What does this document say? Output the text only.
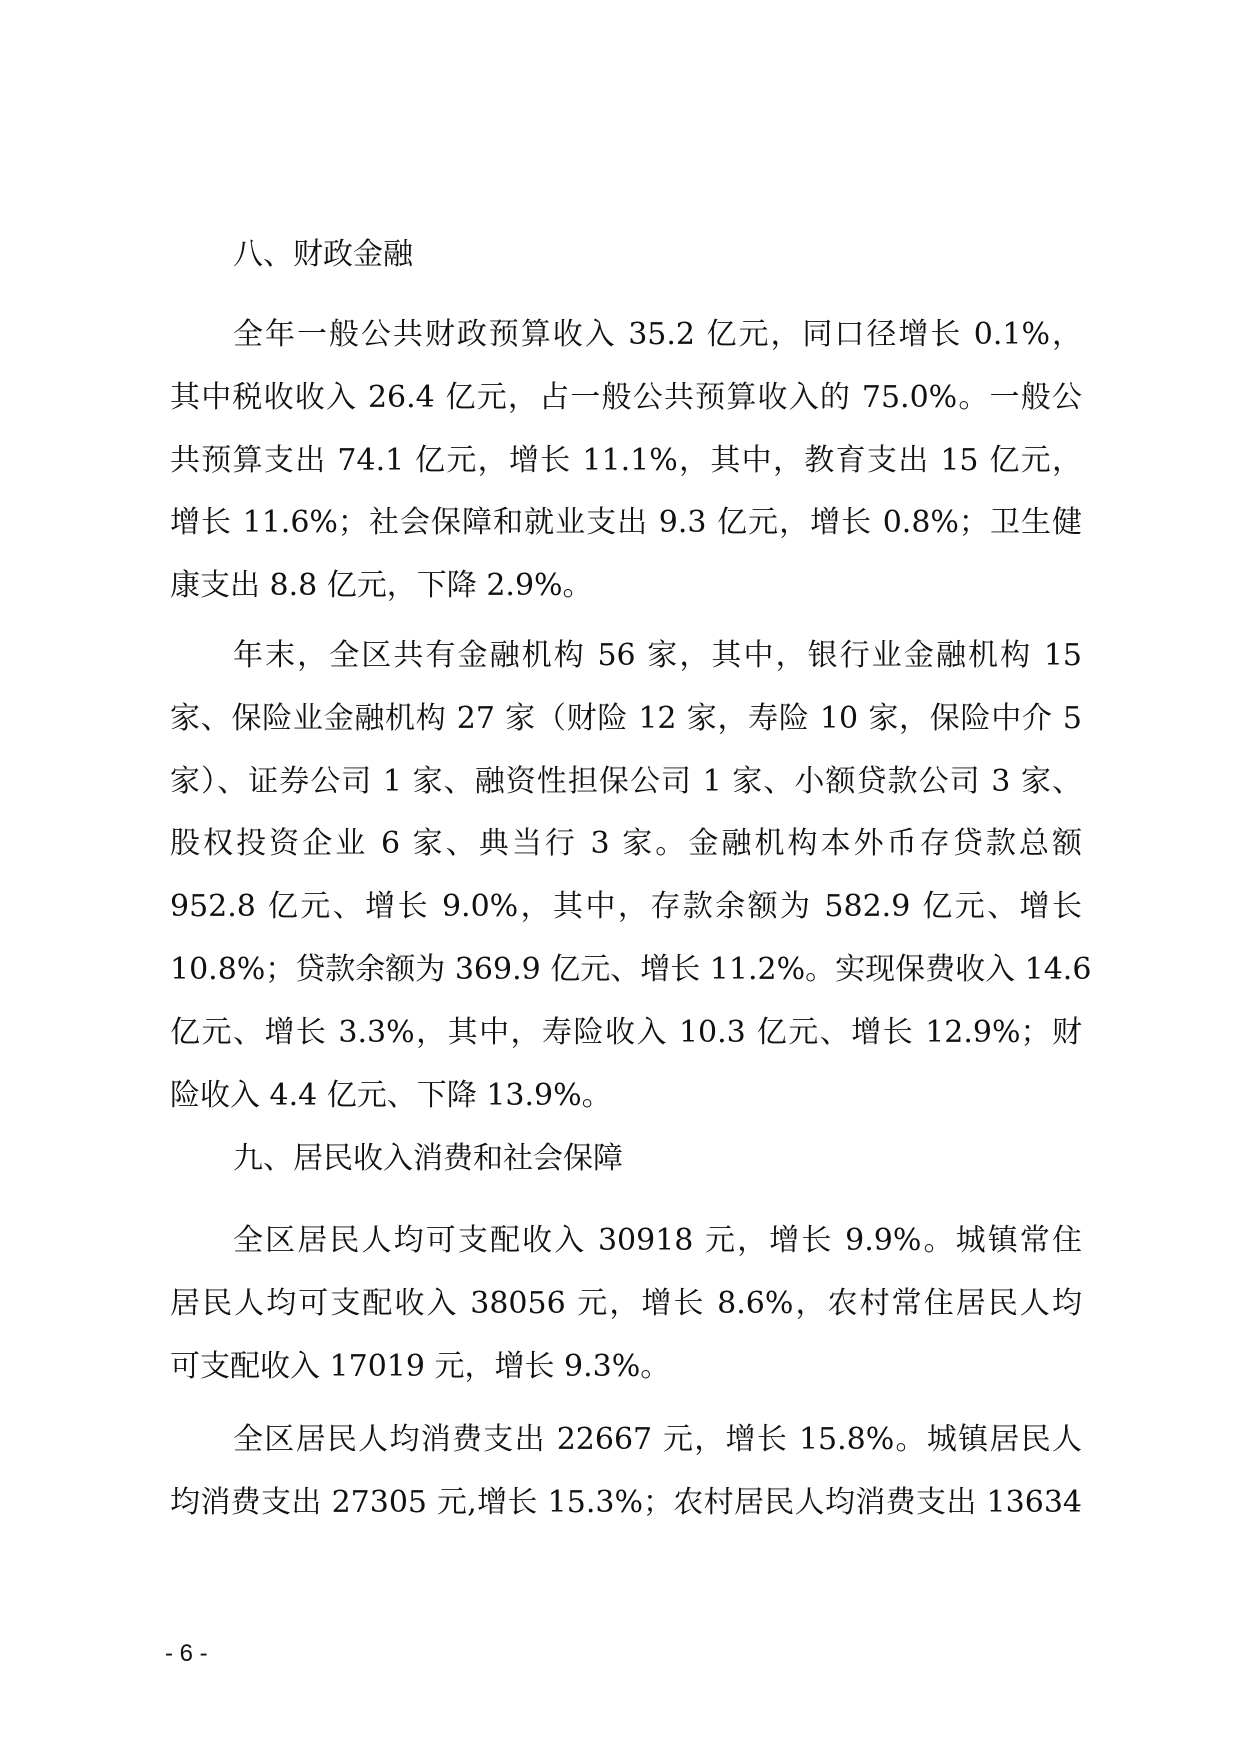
八、财政金融
全年一般公共财政预算收入 35.2 亿元，同口径增长 0.1%，
其中税收收入 26.4 亿元，占一般公共预算收入的 75.0%。一般公
共预算支出 74.1 亿元，增长 11.1%，其中，教育支出 15 亿元，
增长 11.6%；社会保障和就业支出 9.3 亿元，增长 0.8%；卫生健
康支出 8.8 亿元，下降 2.9%。
年末，全区共有金融机构 56 家，其中，银行业金融机构 15
家、保险业金融机构 27 家（财险 12 家，寿险 10 家，保险中介 5
家）、证券公司 1 家、融资性担保公司 1 家、小额贷款公司 3 家、
股权投资企业 6 家、典当行 3 家。金融机构本外币存贷款总额
952.8 亿元、增长 9.0%，其中，存款余额为 582.9 亿元、增长
10.8%；贷款余额为 369.9 亿元、增长 11.2%。实现保费收入 14.6
亿元、增长 3.3%，其中，寿险收入 10.3 亿元、增长 12.9%；财
险收入 4.4 亿元、下降 13.9%。
九、居民收入消费和社会保障
全区居民人均可支配收入 30918 元，增长 9.9%。城镇常住
居民人均可支配收入 38056 元，增长 8.6%，农村常住居民人均
可支配收入 17019 元，增长 9.3%。
全区居民人均消费支出 22667 元，增长 15.8%。城镇居民人
均消费支出 27305 元,增长 15.3%；农村居民人均消费支出 13634
- 6 -
